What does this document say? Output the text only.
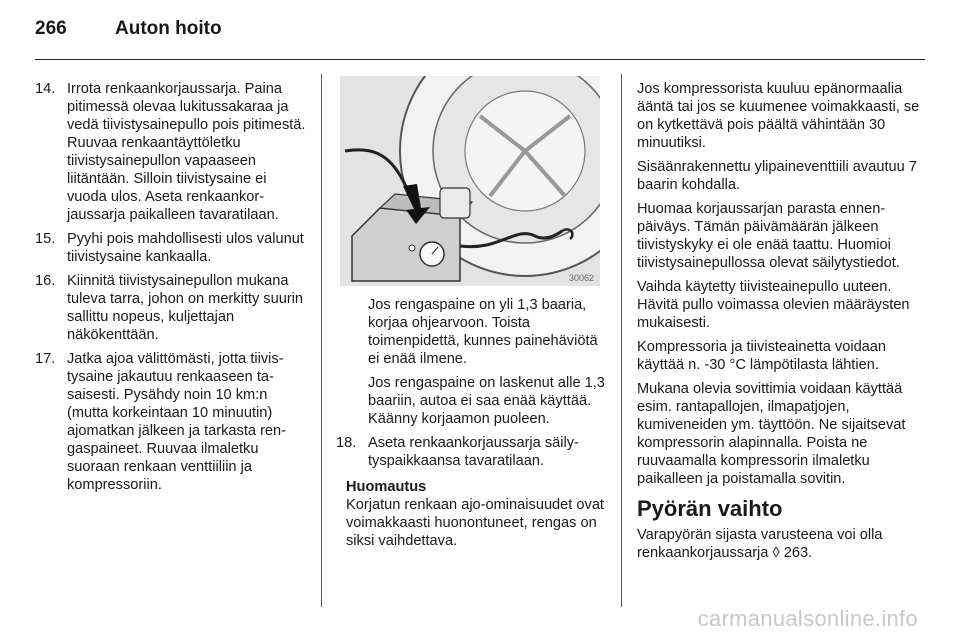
266	Auton hoito
14. Irrota renkaankorjaussarja. Paina pitimessä olevaa lukitussakaraa ja vedä tiivistysainepullo pois pitimestä. Ruuvaa renkaantäyttöletku tiivistysainepullon vapaaseen liitäntään. Silloin tiivistysaine ei vuoda ulos. Aseta renkaankorjaussarja paikalleen tavaratilaan.
15. Pyyhi pois mahdollisesti ulos valunut tiivistysaine kankaalla.
16. Kiinnitä tiivistysainepullon mukana tuleva tarra, johon on merkitty suurin sallittu nopeus, kuljettajan näkökenttään.
17. Jatka ajoa välittömästi, jotta tiivistysaine jakautuu renkaaseen tasaisesti. Pysähdy noin 10 km:n (mutta korkeintaan 10 minuutin) ajomatkan jälkeen ja tarkasta rengaspaineet. Ruuvaa ilmaletku suoraan renkaan venttiiliin ja kompressoriin.
30062
Jos rengaspaine on yli 1,3 baaria, korjaa ohjearvoon. Toista toimenpidettä, kunnes painehäviötä ei enää ilmene.
Jos rengaspaine on laskenut alle 1,3 baariin, autoa ei saa enää käyttää. Käänny korjaamon puoleen.
18. Aseta renkaankorjaussarja säilytyspaikkaansa tavaratilaan.
Huomautus
Korjatun renkaan ajo-ominaisuudet ovat voimakkaasti huonontuneet, rengas on siksi vaihdettava.
Jos kompressorista kuuluu epänormaalia ääntä tai jos se kuumenee voimakkaasti, se on kytkettävä pois päältä vähintään 30 minuutiksi.
Sisäänrakennettu ylipaineventtiili avautuu 7 baarin kohdalla.
Huomaa korjaussarjan parasta ennen-päiväys. Tämän päivämäärän jälkeen tiivistyskyky ei ole enää taattu. Huomioi tiivistysainepullossa olevat säilytystiedot.
Vaihda käytetty tiivisteainepullo uuteen. Hävitä pullo voimassa olevien määräysten mukaisesti.
Kompressoria ja tiivisteainetta voidaan käyttää n. -30 °C lämpötilasta lähtien.
Mukana olevia sovittimia voidaan käyttää esim. rantapallojen, ilmapatjojen, kumiveneiden ym. täyttöön. Ne sijaitsevat kompressorin alapinnalla. Poista ne ruuvaamalla kompressorin ilmaletku paikalleen ja poistamalla sovitin.
Pyörän vaihto
Varapyörän sijasta varusteena voi olla renkaankorjaussarja ◊ 263.
carmanualsonline.info
